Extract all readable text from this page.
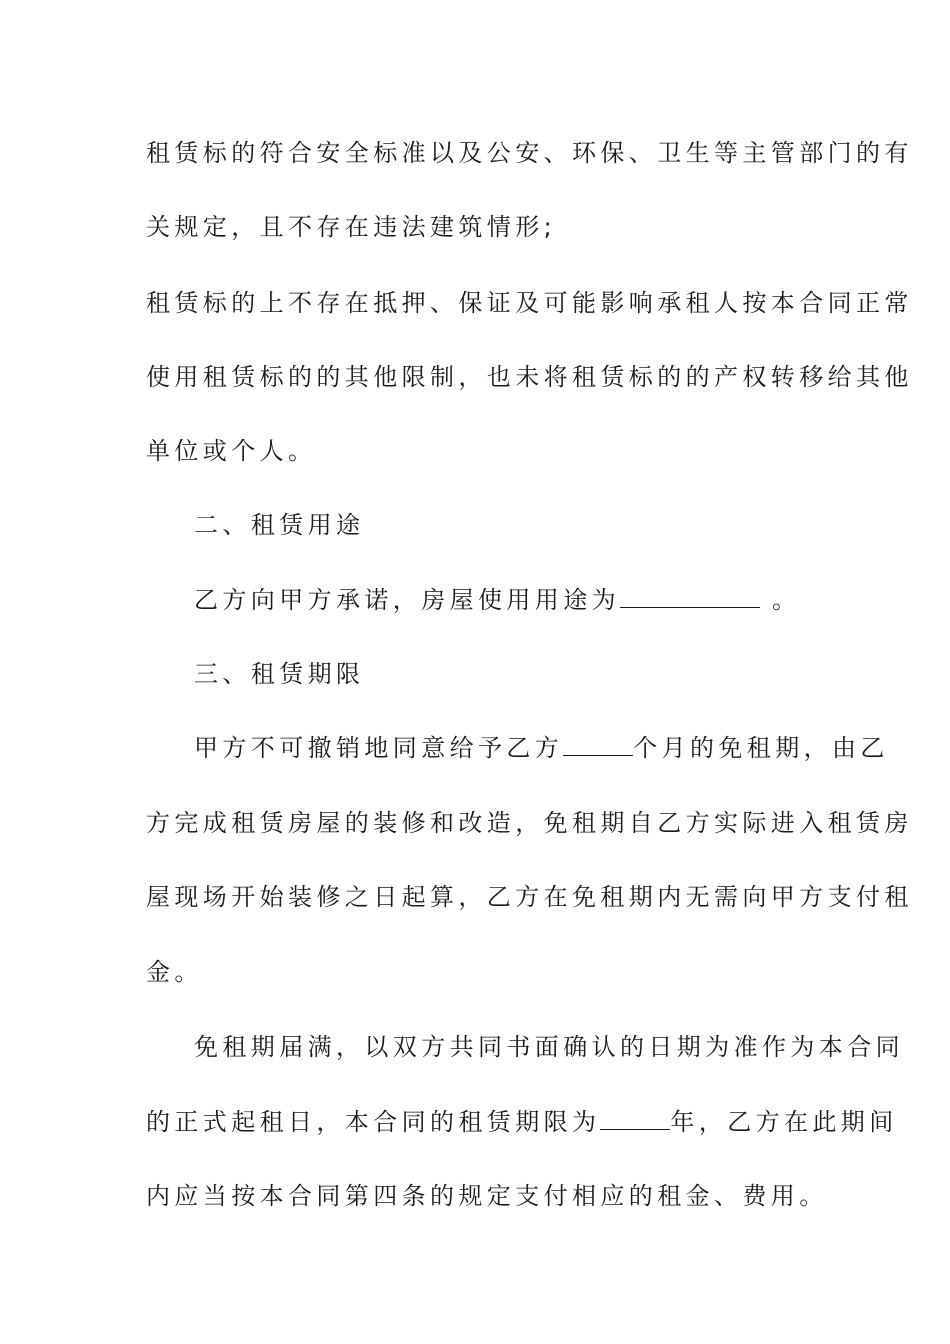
租赁标的符合安全标准以及公安、环保、卫生等主管部门的有
关规定，且不存在违法建筑情形;
租赁标的上不存在抵押、保证及可能影响承租人按本合同正常
使用租赁标的的其他限制，也未将租赁标的的产权转移给其他
单位或个人。
二、租赁用途
乙方向甲方承诺，房屋使用用途为	。
三、租赁期限
甲方不可撤销地同意给予乙方	个月的免租期，由乙
方完成租赁房屋的装修和改造，免租期自乙方实际进入租赁房
屋现场开始装修之日起算，乙方在免租期内无需向甲方支付租
金。
免租期届满，以双方共同书面确认的日期为准作为本合同
的正式起租日，本合同的租赁期限为	年，乙方在此期间
内应当按本合同第四条的规定支付相应的租金、费用。
